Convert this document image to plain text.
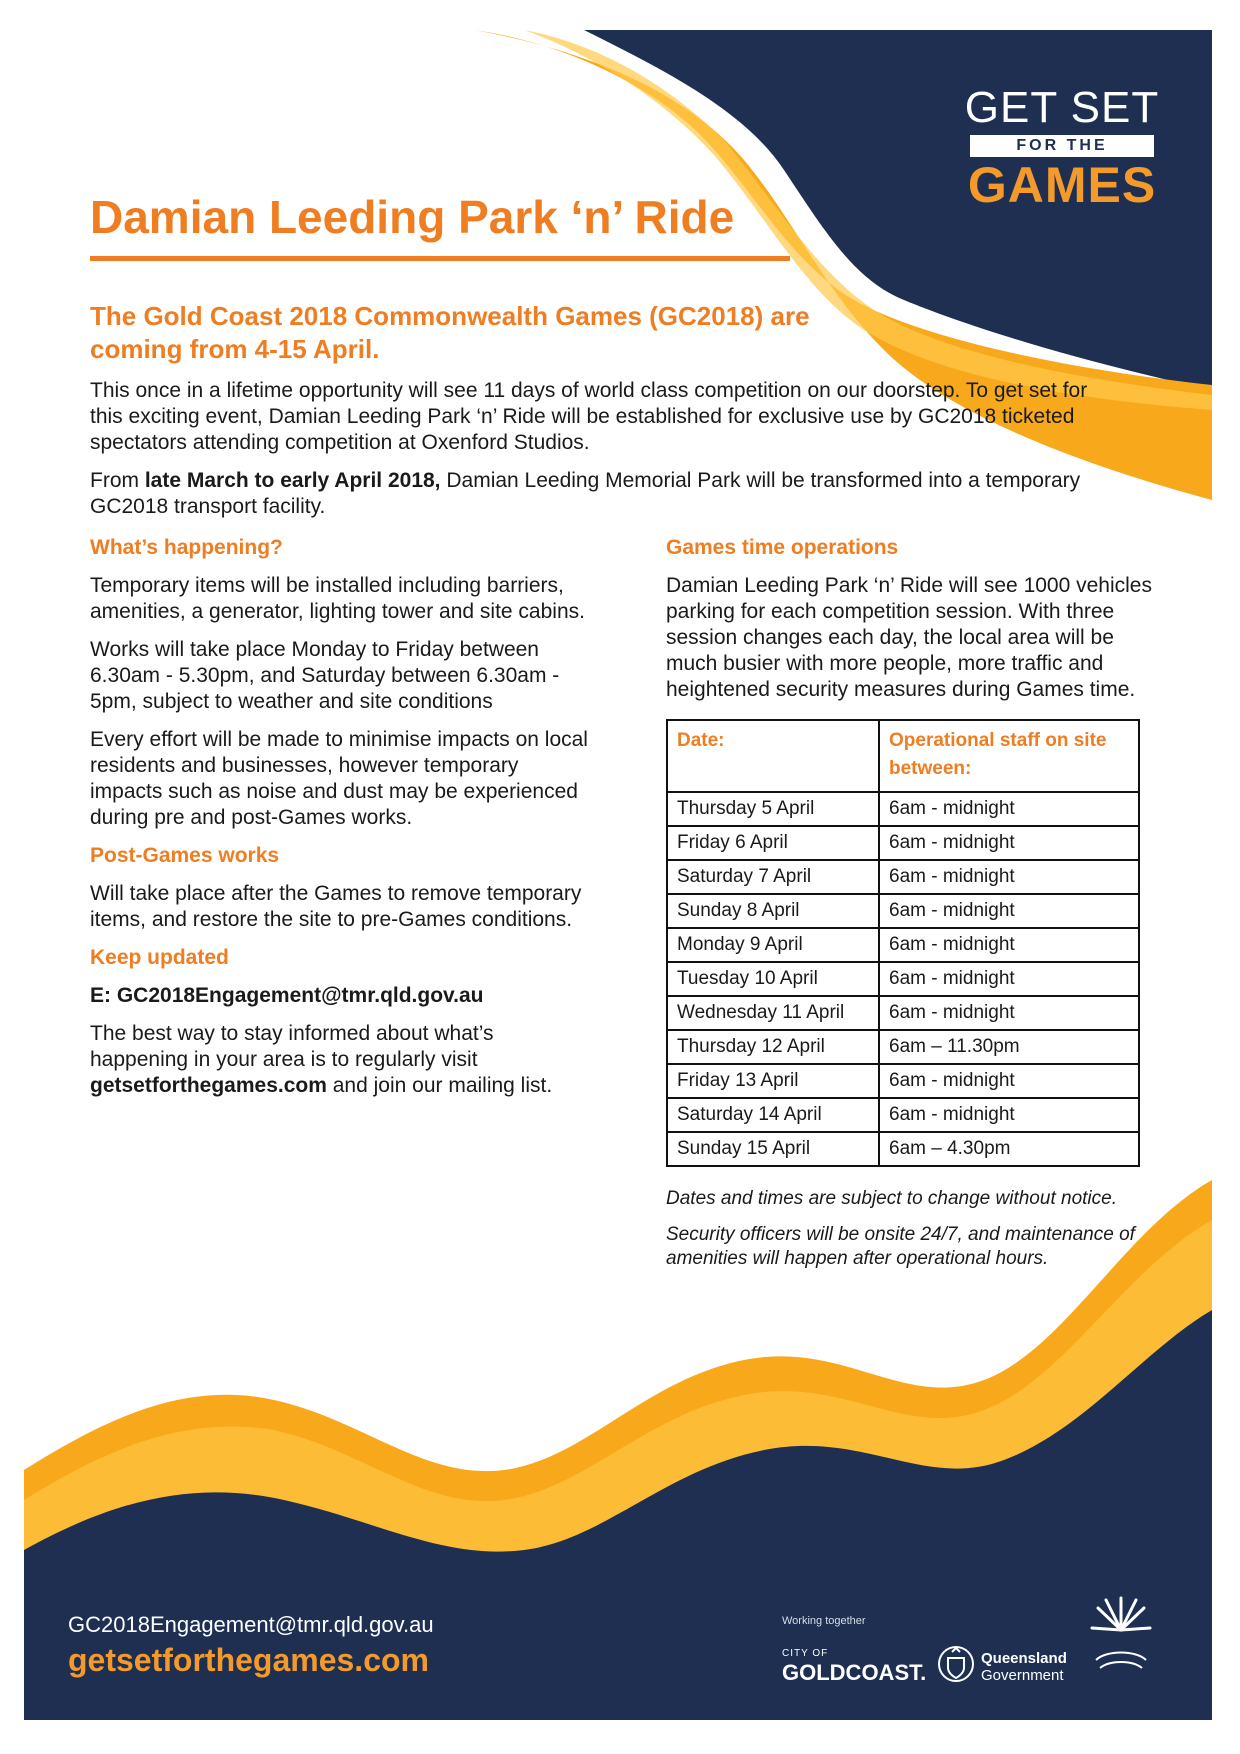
GET SET
FOR THE
GAMES
Damian Leeding Park ‘n’ Ride
The Gold Coast 2018 Commonwealth Games (GC2018) are coming from 4-15 April.

This once in a lifetime opportunity will see 11 days of world class competition on our doorstep. To get set for this exciting event, Damian Leeding Park ‘n’ Ride will be established for exclusive use by GC2018 ticketed spectators attending competition at Oxenford Studios.

From late March to early April 2018, Damian Leeding Memorial Park will be transformed into a temporary GC2018 transport facility.

What’s happening?

Temporary items will be installed including barriers, amenities, a generator, lighting tower and site cabins.

Works will take place Monday to Friday between 6.30am - 5.30pm, and Saturday between 6.30am - 5pm, subject to weather and site conditions

Every effort will be made to minimise impacts on local residents and businesses, however temporary impacts such as noise and dust may be experienced during pre and post-Games works.

Post-Games works

Will take place after the Games to remove temporary items, and restore the site to pre-Games conditions.

Keep updated

E: GC2018Engagement@tmr.qld.gov.au

The best way to stay informed about what’s happening in your area is to regularly visit getsetforthegames.com and join our mailing list.

Games time operations

Damian Leeding Park ‘n’ Ride will see 1000 vehicles parking for each competition session. With three session changes each day, the local area will be much busier with more people, more traffic and heightened security measures during Games time.

Date:	Operational staff on site between:
Thursday 5 April	6am - midnight
Friday 6 April	6am - midnight
Saturday 7 April	6am - midnight
Sunday 8 April	6am - midnight
Monday 9 April	6am - midnight
Tuesday 10 April	6am - midnight
Wednesday 11 April	6am - midnight
Thursday 12 April	6am – 11.30pm
Friday 13 April	6am - midnight
Saturday 14 April	6am - midnight
Sunday 15 April	6am – 4.30pm

Dates and times are subject to change without notice.

Security officers will be onsite 24/7, and maintenance of amenities will happen after operational hours.

GC2018Engagement@tmr.qld.gov.au
getsetforthegames.com
Working together
CITY OF
GOLDCOAST.
Queensland
Government
